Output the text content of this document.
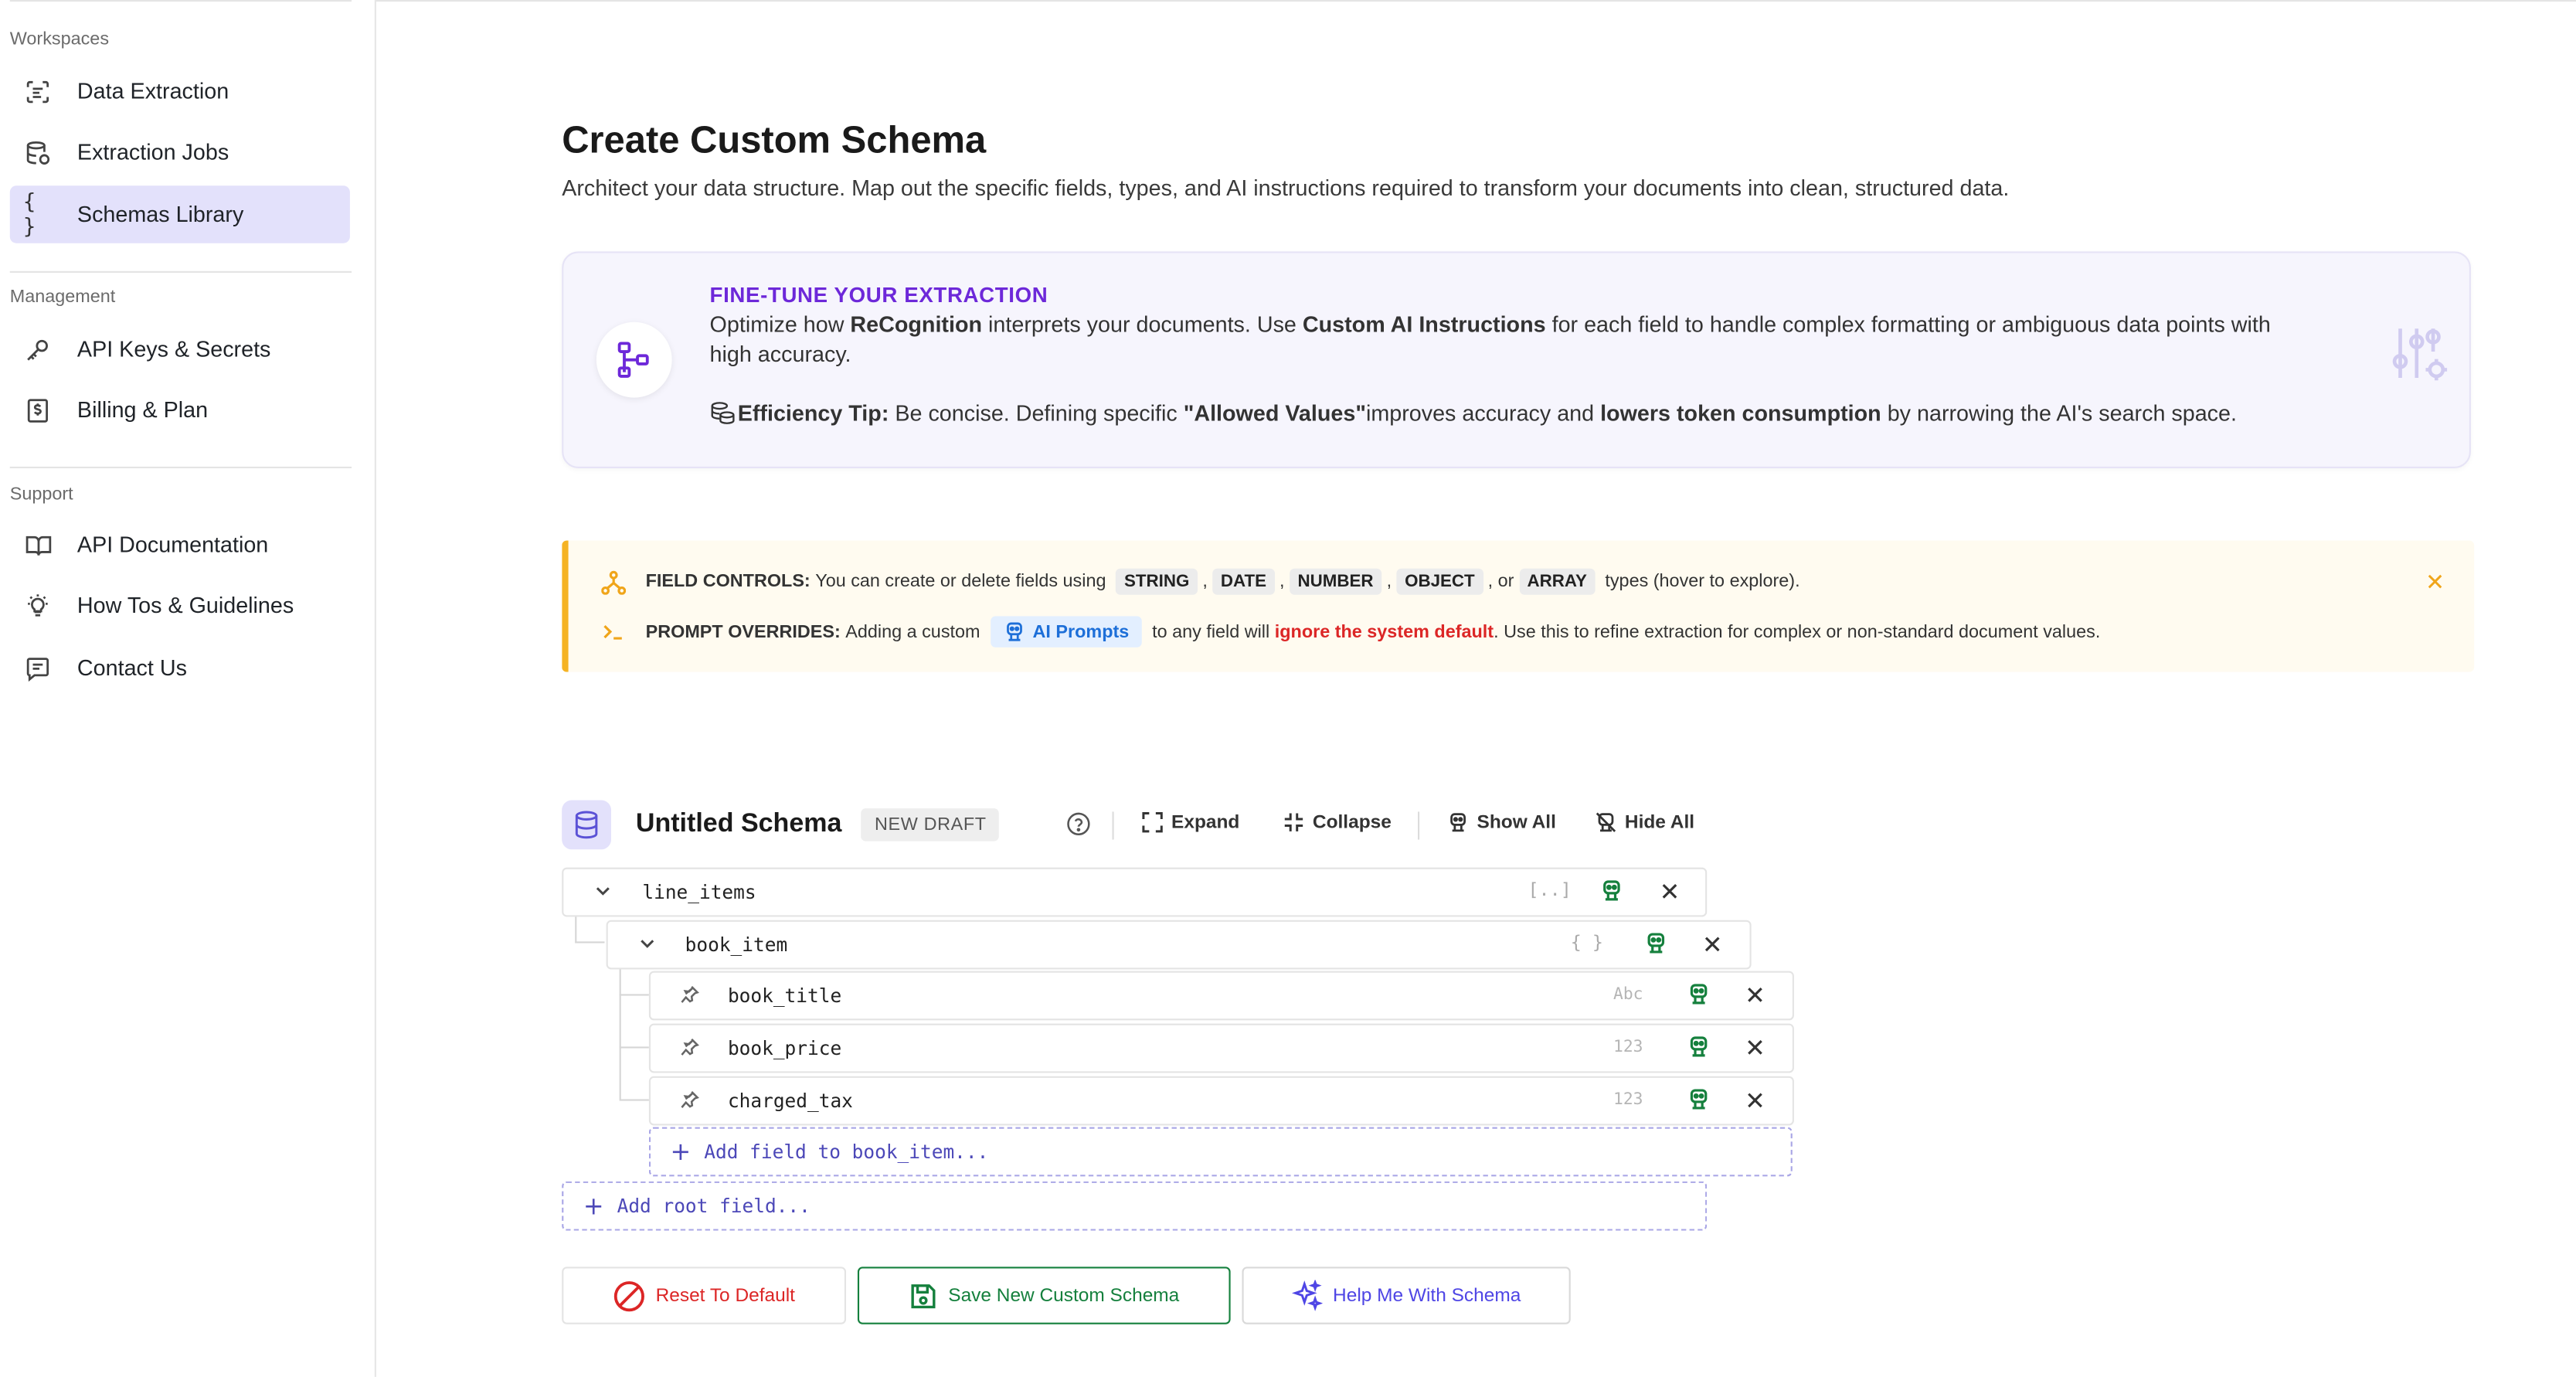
Workspaces
Data Extraction
Extraction Jobs
{ }
Schemas Library
Management
API Keys & Secrets
Billing & Plan
Support
API Documentation
How Tos & Guidelines
Contact Us
Create Custom Schema
Architect your data structure. Map out the specific fields, types, and AI instructions required to transform your documents into clean, structured data.
FINE-TUNE YOUR EXTRACTION
Optimize how ReCognition interprets your documents. Use Custom AI Instructions for each field to handle complex formatting or ambiguous data points with high accuracy.
Efficiency Tip: Be concise. Defining specific "Allowed Values" improves accuracy and lowers token consumption by narrowing the AI's search space.
FIELD CONTROLS:
You can create or delete fields using
	STRING	,	DATE	,	NUMBER	,	OBJECT	, or	ARRAY
	types (hover to explore).
PROMPT OVERRIDES:
Adding a custom	AI Prompts	to any field will
ignore the system default . Use this to refine extraction for complex or non-standard document values.
✕
Untitled Schema	NEW DRAFT	Expand	Collapse	Show All	Hide All
line_items	[..]	✕
book_item	{ }	✕
book_title	Abc	✕
book_price	123	✕
charged_tax	123	✕
+ Add field to book_item...
+ Add root field...
Reset To Default	Save New Custom Schema	Help Me With Schema
